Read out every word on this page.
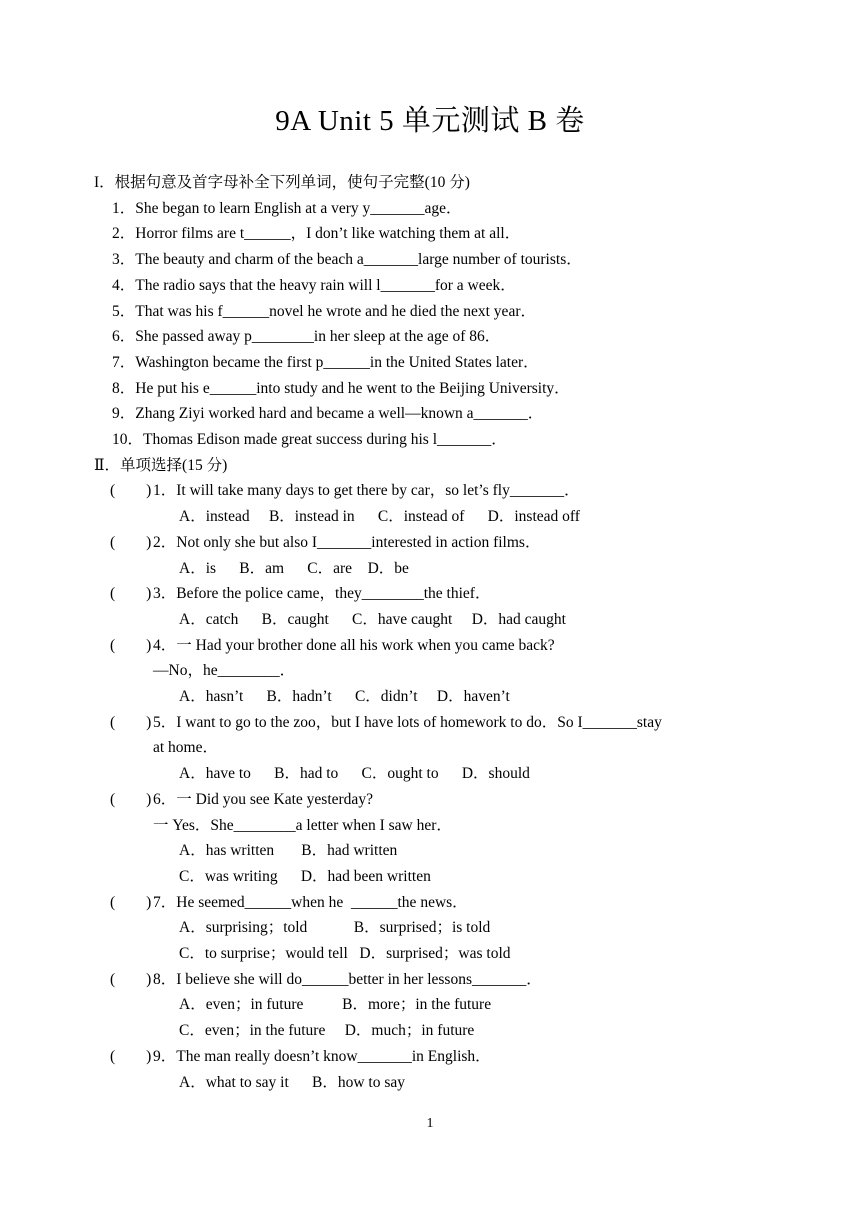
9A Unit 5 单元测试 B 卷
I．根据句意及首字母补全下列单词，使句子完整(10 分)
1．She began to learn English at a very y_______age．
2．Horror films are t______，I don’t like watching them at all．
3．The beauty and charm of the beach a_______large number of tourists．
4．The radio says that the heavy rain will l_______for a week．
5．That was his f______novel he wrote and he died the next year．
6．She passed away p________in her sleep at the age of 86．
7．Washington became the first p______in the United States later．
8．He put his e______into study and he went to the Beijing University．
9．Zhang Ziyi worked hard and became a well—known a_______．
10．Thomas Edison made great success during his l_______．
Ⅱ．单项选择(15 分)
(        ) 1．It will take many days to get there by car，so let’s fly_______．
A．instead     B．instead in      C．instead of      D．instead off
(        ) 2．Not only she but also I_______interested in action films．
A．is      B．am      C．are    D．be
(        ) 3．Before the police came，they________the thief．
A．catch      B．caught      C．have caught     D．had caught
(        ) 4．一 Had your brother done all his work when you came back?
—No，he________．
A．hasn’t      B．hadn’t      C．didn’t     D．haven’t
(        ) 5．I want to go to the zoo，but I have lots of homework to do．So I_______stay
at home．
A．have to      B．had to      C．ought to      D．should
(        ) 6．一 Did you see Kate yesterday?
一 Yes．She________a letter when I saw her．
A．has written       B．had written
C．was writing      D．had been written
(        ) 7．He seemed______when he  ______the news．
A．surprising；told            B．surprised；is told
C．to surprise；would tell   D．surprised；was told
(        ) 8．I believe she will do______better in her lessons_______．
A．even；in future          B．more；in the future
C．even；in the future     D．much；in future
(        ) 9．The man really doesn’t know_______in English．
A．what to say it      B．how to say
1
